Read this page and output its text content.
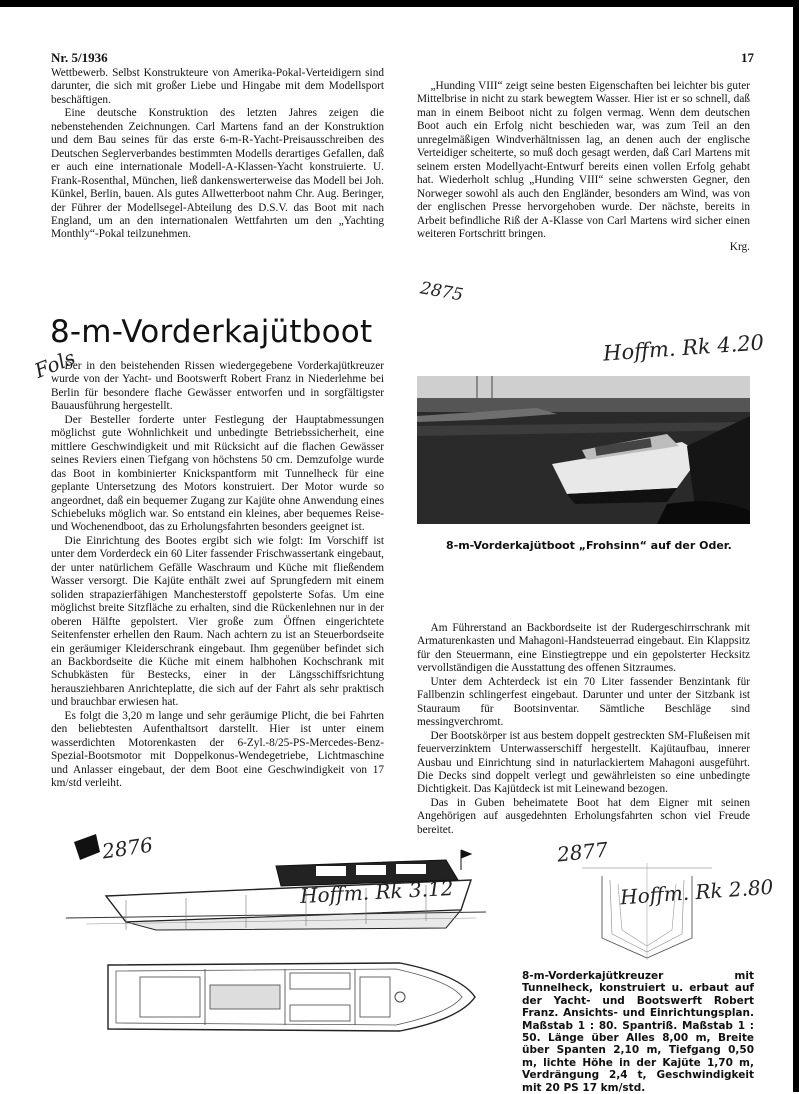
Nr. 5/1936	17

Wettbewerb. Selbst Konstrukteure von Amerika-Pokal-Verteidigern sind darunter, die sich mit großer Liebe und Hingabe mit dem Modellsport beschäftigen.

Eine deutsche Konstruktion des letzten Jahres zeigen die nebenstehenden Zeichnungen. Carl Martens fand an der Konstruktion und dem Bau seines für das erste 6-m-R-Yacht-Preisausschreiben des Deutschen Seglerverbandes bestimmten Modells derartiges Gefallen, daß er auch eine internationale Modell-A-Klassen-Yacht konstruierte. U. Frank-Rosenthal, München, ließ dankenswerterweise das Modell bei Joh. Künkel, Berlin, bauen. Als gutes Allwetterboot nahm Chr. Aug. Beringer, der Führer der Modellsegel-Abteilung des D.S.V. das Boot mit nach England, um an den internationalen Wettfahrten um den „Yachting Monthly“-Pokal teilzunehmen.

„Hunding VIII“ zeigt seine besten Eigenschaften bei leichter bis guter Mittelbrise in nicht zu stark bewegtem Wasser. Hier ist er so schnell, daß man in einem Beiboot nicht zu folgen vermag. Wenn dem deutschen Boot auch ein Erfolg nicht beschieden war, was zum Teil an den unregelmäßigen Windverhältnissen lag, an denen auch der englische Verteidiger scheiterte, so muß doch gesagt werden, daß Carl Martens mit seinem ersten Modellyacht-Entwurf bereits einen vollen Erfolg gehabt hat. Wiederholt schlug „Hunding VIII“ seine schwersten Gegner, den Norweger sowohl als auch den Engländer, besonders am Wind, was von der englischen Presse hervorgehoben wurde. Der nächste, bereits in Arbeit befindliche Riß der A-Klasse von Carl Martens wird sicher einen weiteren Fortschritt bringen.

Krg.

8-m-Vorderkajütboot
Fols

Der in den beistehenden Rissen wiedergegebene Vorderkajütkreuzer wurde von der Yacht- und Bootswerft Robert Franz in Niederlehme bei Berlin für besondere flache Gewässer entworfen und in sorgfältigster Bauausführung hergestellt.

Der Besteller forderte unter Festlegung der Hauptabmessungen möglichst gute Wohnlichkeit und unbedingte Betriebssicherheit, eine mittlere Geschwindigkeit und mit Rücksicht auf die flachen Gewässer seines Reviers einen Tiefgang von höchstens 50 cm. Demzufolge wurde das Boot in kombinierter Knickspantform mit Tunnelheck für eine geplante Untersetzung des Motors konstruiert. Der Motor wurde so angeordnet, daß ein bequemer Zugang zur Kajüte ohne Anwendung eines Schiebeluks möglich war. So entstand ein kleines, aber bequemes Reise- und Wochenendboot, das zu Erholungsfahrten besonders geeignet ist.

Die Einrichtung des Bootes ergibt sich wie folgt: Im Vorschiff ist unter dem Vorderdeck ein 60 Liter fassender Frischwassertank eingebaut, der unter natürlichem Gefälle Waschraum und Küche mit fließendem Wasser versorgt. Die Kajüte enthält zwei auf Sprungfedern mit einem soliden strapazierfähigen Manchesterstoff gepolsterte Sofas. Um eine möglichst breite Sitzfläche zu erhalten, sind die Rückenlehnen nur in der oberen Hälfte gepolstert. Vier große zum Öffnen eingerichtete Seitenfenster erhellen den Raum. Nach achtern zu ist an Steuerbordseite ein geräumiger Kleiderschrank eingebaut. Ihm gegenüber befindet sich an Backbordseite die Küche mit einem halbhohen Kochschrank mit Schubkästen für Bestecks, einer in der Längsschiffsrichtung herausziehbaren Anrichteplatte, die sich auf der Fahrt als sehr praktisch und brauchbar erwiesen hat.

Es folgt die 3,20 m lange und sehr geräumige Plicht, die bei Fahrten den beliebtesten Aufenthaltsort darstellt. Hier ist unter einem wasserdichten Motorenkasten der 6-Zyl.-8/25-PS-Mercedes-Benz-Spezial-Bootsmotor mit Doppelkonus-Wendegetriebe, Lichtmaschine und Anlasser eingebaut, der dem Boot eine Geschwindigkeit von 17 km/std verleiht.

2875
Hoffm. Rk 4.20
8-m-Vorderkajütboot „Frohsinn“ auf der Oder.

Am Führerstand an Backbordseite ist der Rudergeschirrschrank mit Armaturenkasten und Mahagoni-Handsteuerrad eingebaut. Ein Klappsitz für den Steuermann, eine Einstiegtreppe und ein gepolsterter Hecksitz vervollständigen die Ausstattung des offenen Sitzraumes.

Unter dem Achterdeck ist ein 70 Liter fassender Benzintank für Fallbenzin schlingerfest eingebaut. Darunter und unter der Sitzbank ist Stauraum für Bootsinventar. Sämtliche Beschläge sind messingverchromt.

Der Bootskörper ist aus bestem doppelt gestreckten SM-Flußeisen mit feuerverzinktem Unterwasserschiff hergestellt. Kajütaufbau, innerer Ausbau und Einrichtung sind in naturlackiertem Mahagoni ausgeführt. Die Decks sind doppelt verlegt und gewährleisten so eine unbedingte Dichtigkeit. Das Kajütdeck ist mit Leinewand bezogen.

Das in Guben beheimatete Boot hat dem Eigner mit seinen Angehörigen auf ausgedehnten Erholungsfahrten schon viel Freude bereitet.

2876
Hoffm. Rk 3.12
2877
Hoffm. Rk 2.80
8-m-Vorderkajütkreuzer mit Tunnelheck, konstruiert u. erbaut auf der Yacht- und Bootswerft Robert Franz. Ansichts- und Einrichtungsplan. Maßstab 1 : 80. Spantriß. Maßstab 1 : 50. Länge über Alles 8,00 m, Breite über Spanten 2,10 m, Tiefgang 0,50 m, lichte Höhe in der Kajüte 1,70 m, Verdrängung 2,4 t, Geschwindigkeit mit 20 PS 17 km/std.
